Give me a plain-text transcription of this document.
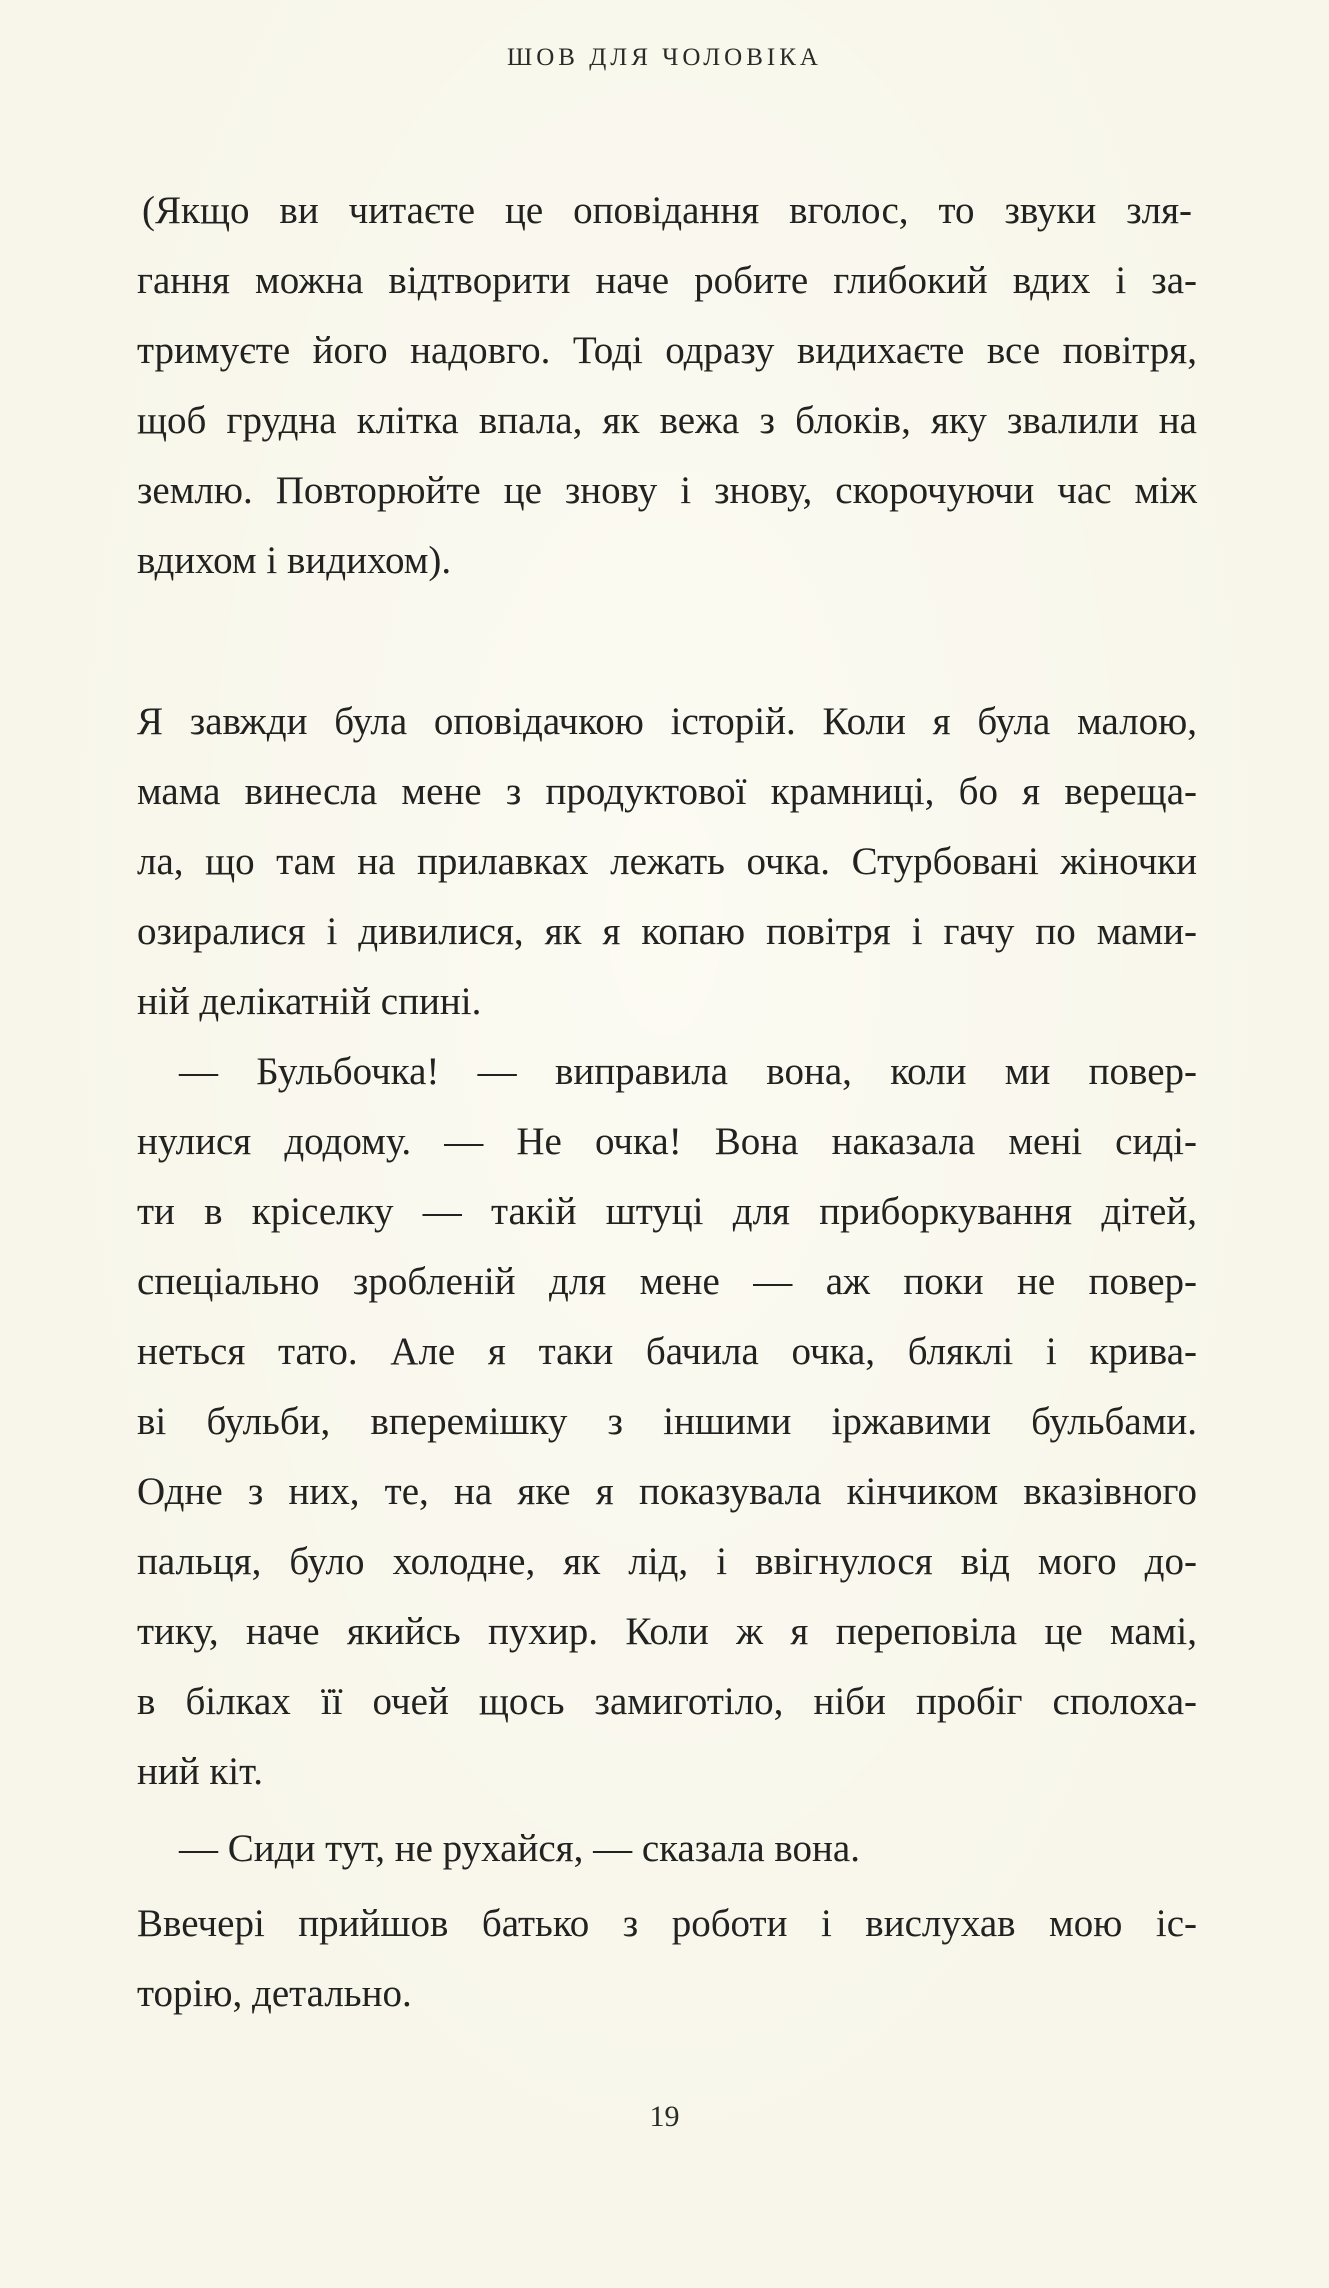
ШОВ ДЛЯ ЧОЛОВІКА
(Якщо ви читаєте це оповідання вголос, то звуки зля-
гання можна відтворити наче робите глибокий вдих і за-
тримуєте його надовго. Тоді одразу видихаєте все повітря,
щоб грудна клітка впала, як вежа з блоків, яку звалили на
землю. Повторюйте це знову і знову, скорочуючи час між
вдихом і видихом).
Я завжди була оповідачкою історій. Коли я була малою,
мама винесла мене з продуктової крамниці, бо я верещa-
ла, що там на прилавках лежать очка. Стурбовані жіночки
озиралися і дивилися, як я копаю повітря і гачу по мами-
ній делікатній спині.
— Бульбочка! — виправила вона, коли ми повер-
нулися додому. — Не очка! Вона наказала мені сиді-
ти в кріселку — такій штуці для приборкування дітей,
спеціально зробленій для мене — аж поки не повер-
неться тато. Але я таки бачила очка, бляклі і крива-
ві бульби, вперемішку з іншими іржавими бульбами.
Одне з них, те, на яке я показувала кінчиком вказівного
пальця, було холодне, як лід, і ввігнулося від мого до-
тику, наче якийсь пухир. Коли ж я переповіла це мамі,
в білках її очей щось замиготіло, ніби пробіг сполоха-
ний кіт.
— Сиди тут, не рухайся, — сказала вона.
Ввечері прийшов батько з роботи і вислухав мою іс-
торію, детально.
19
